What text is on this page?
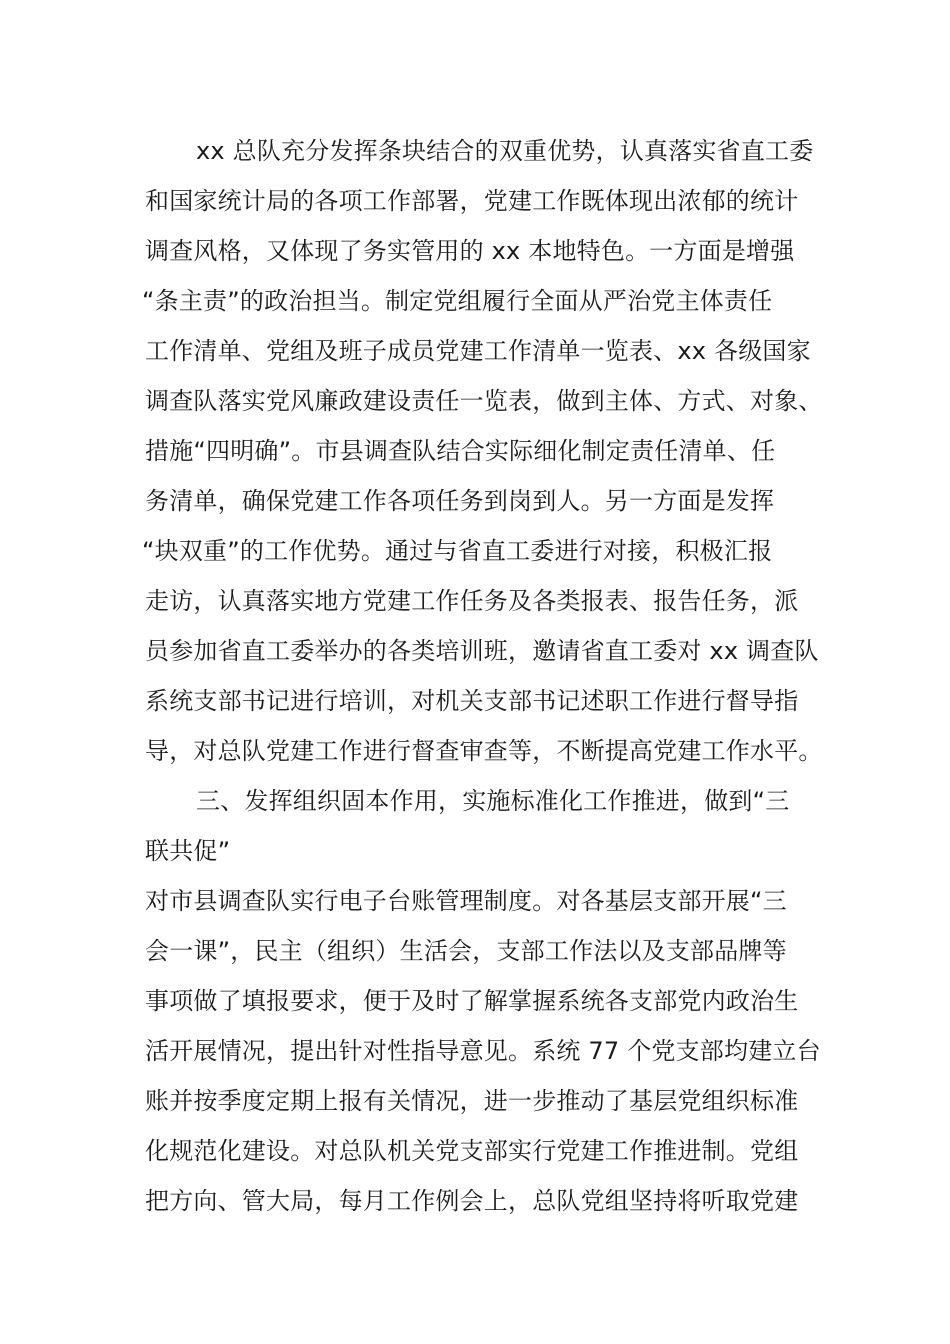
xx 总队充分发挥条块结合的双重优势，认真落实省直工委
和国家统计局的各项工作部署，党建工作既体现出浓郁的统计
调查风格，又体现了务实管用的 xx 本地特色。一方面是增强
“条主责”的政治担当。制定党组履行全面从严治党主体责任
工作清单、党组及班子成员党建工作清单一览表、xx 各级国家
调查队落实党风廉政建设责任一览表，做到主体、方式、对象、
措施“四明确”。市县调查队结合实际细化制定责任清单、任
务清单，确保党建工作各项任务到岗到人。另一方面是发挥
“块双重”的工作优势。通过与省直工委进行对接，积极汇报
走访，认真落实地方党建工作任务及各类报表、报告任务，派
员参加省直工委举办的各类培训班，邀请省直工委对 xx 调查队
系统支部书记进行培训，对机关支部书记述职工作进行督导指
导，对总队党建工作进行督查审查等，不断提高党建工作水平。
三、发挥组织固本作用，实施标准化工作推进，做到“三
联共促”
对市县调查队实行电子台账管理制度。对各基层支部开展“三
会一课”，民主（组织）生活会，支部工作法以及支部品牌等
事项做了填报要求，便于及时了解掌握系统各支部党内政治生
活开展情况，提出针对性指导意见。系统 77 个党支部均建立台
账并按季度定期上报有关情况，进一步推动了基层党组织标准
化规范化建设。对总队机关党支部实行党建工作推进制。党组
把方向、管大局，每月工作例会上，总队党组坚持将听取党建
